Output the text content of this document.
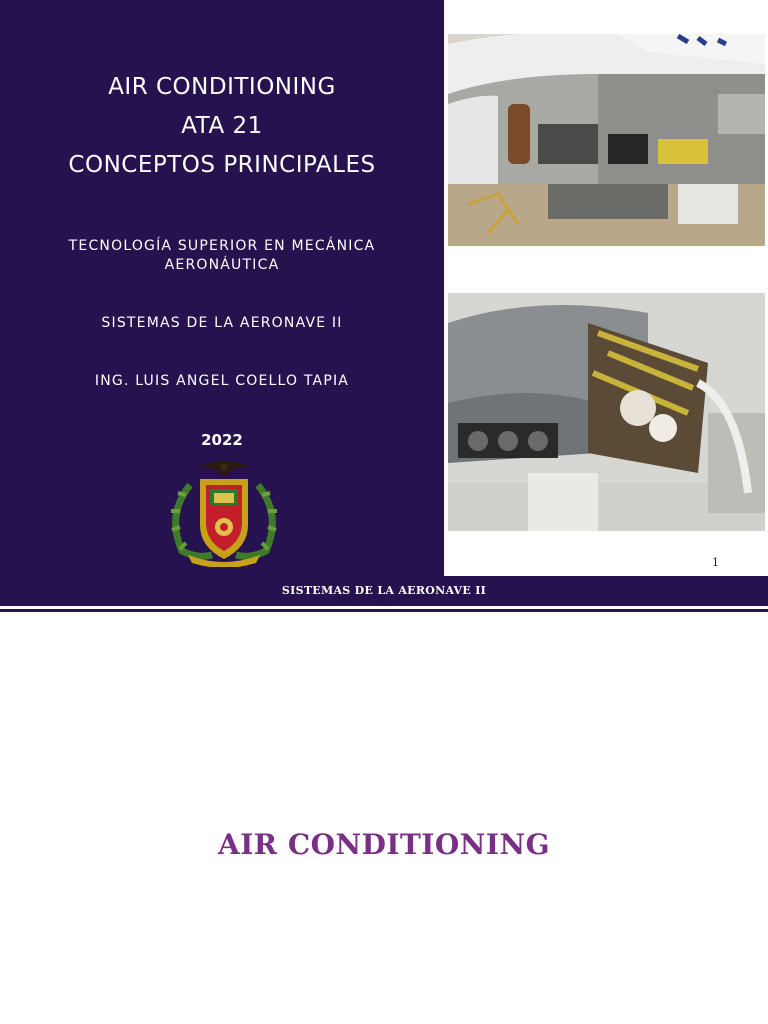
AIR CONDITIONING
ATA 21
CONCEPTOS PRINCIPALES
TECNOLOGÍA SUPERIOR EN MECÁNICA
AERONÁUTICA
SISTEMAS DE LA AERONAVE II
ING. LUIS ANGEL COELLO TAPIA
2022
1
SISTEMAS DE LA AERONAVE II
AIR CONDITIONING
